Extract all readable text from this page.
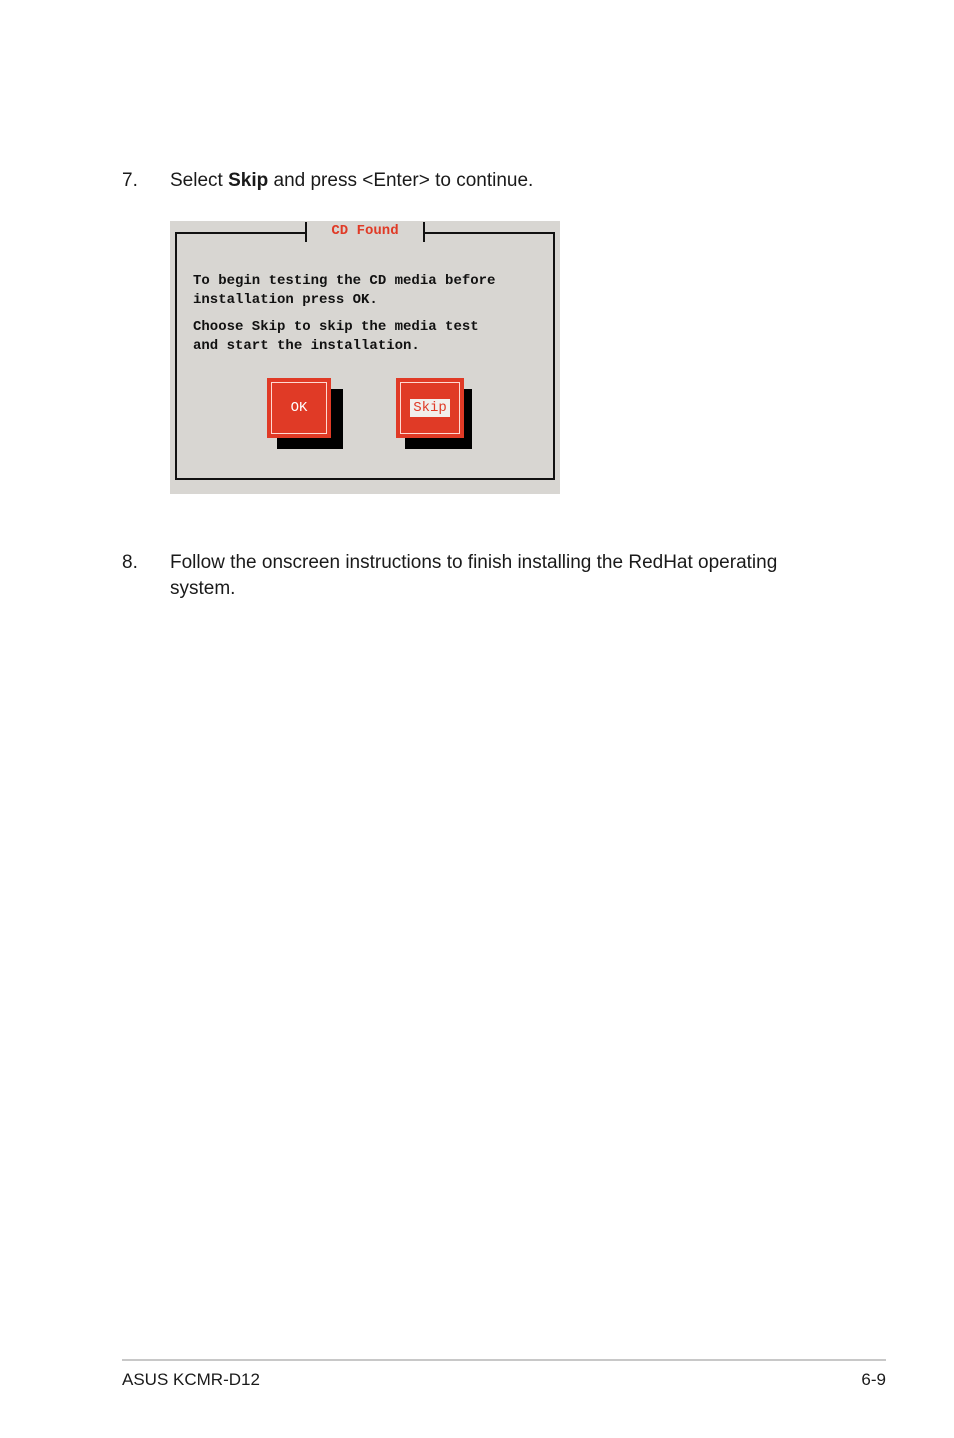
7. Select Skip and press <Enter> to continue.
CD Found
To begin testing the CD media before
installation press OK.
Choose Skip to skip the media test
and start the installation.
OK	Skip
8. Follow the onscreen instructions to finish installing the RedHat operating system.
ASUS KCMR-D12	6-9
